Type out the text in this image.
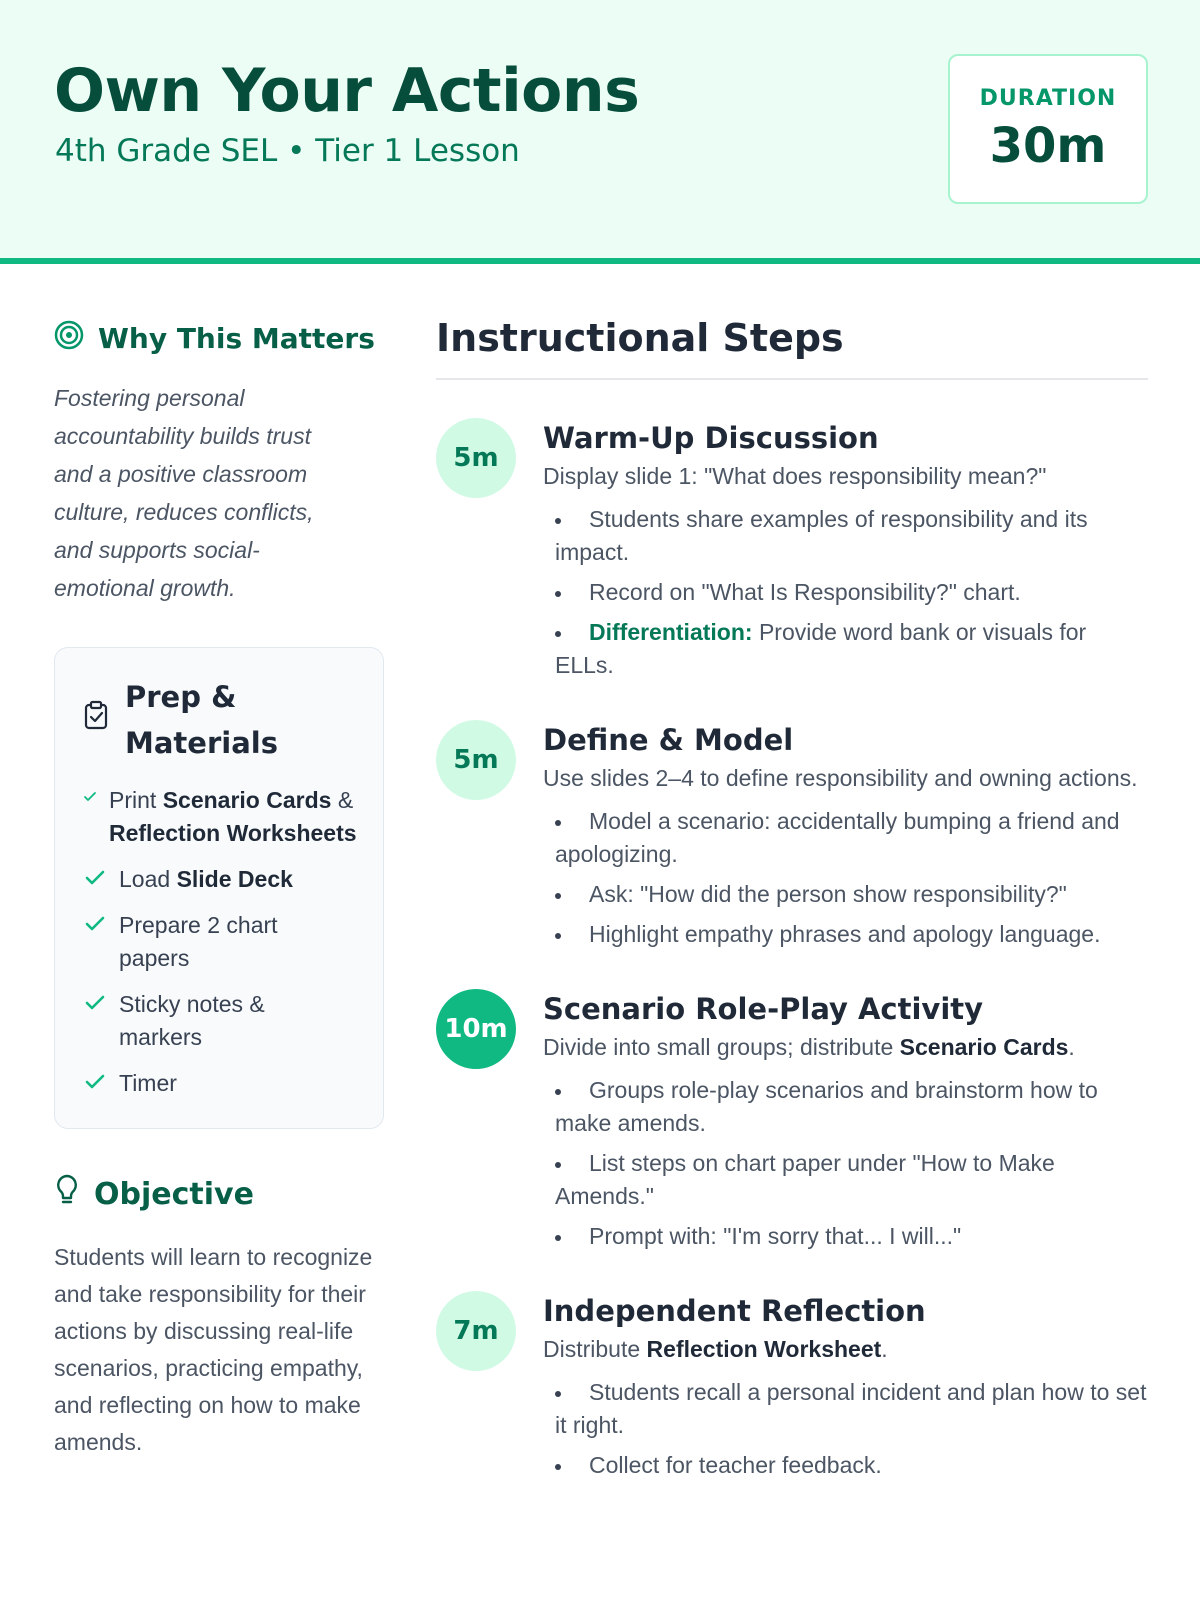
Own Your Actions
4th Grade SEL • Tier 1 Lesson
DURATION
30m
Why This Matters

Fostering personal accountability builds trust and a positive classroom culture, reduces conflicts, and supports social-emotional growth.

Prep & Materials
Print Scenario Cards & Reflection Worksheets
Load Slide Deck
Prepare 2 chart papers
Sticky notes & markers
Timer
Objective

Students will learn to recognize and take responsibility for their actions by discussing real-life scenarios, practicing empathy, and reflecting on how to make amends.

Instructional Steps
5m
Warm-Up Discussion
Display slide 1: "What does responsibility mean?"
Students share examples of responsibility and its impact.
Record on "What Is Responsibility?" chart.
Differentiation: Provide word bank or visuals for ELLs.
5m
Define & Model
Use slides 2–4 to define responsibility and owning actions.
Model a scenario: accidentally bumping a friend and apologizing.
Ask: "How did the person show responsibility?"
Highlight empathy phrases and apology language.
10m
Scenario Role-Play Activity
Divide into small groups; distribute Scenario Cards.
Groups role-play scenarios and brainstorm how to make amends.
List steps on chart paper under "How to Make Amends."
Prompt with: "I'm sorry that... I will..."
7m
Independent Reflection
Distribute Reflection Worksheet.
Students recall a personal incident and plan how to set it right.
Collect for teacher feedback.
